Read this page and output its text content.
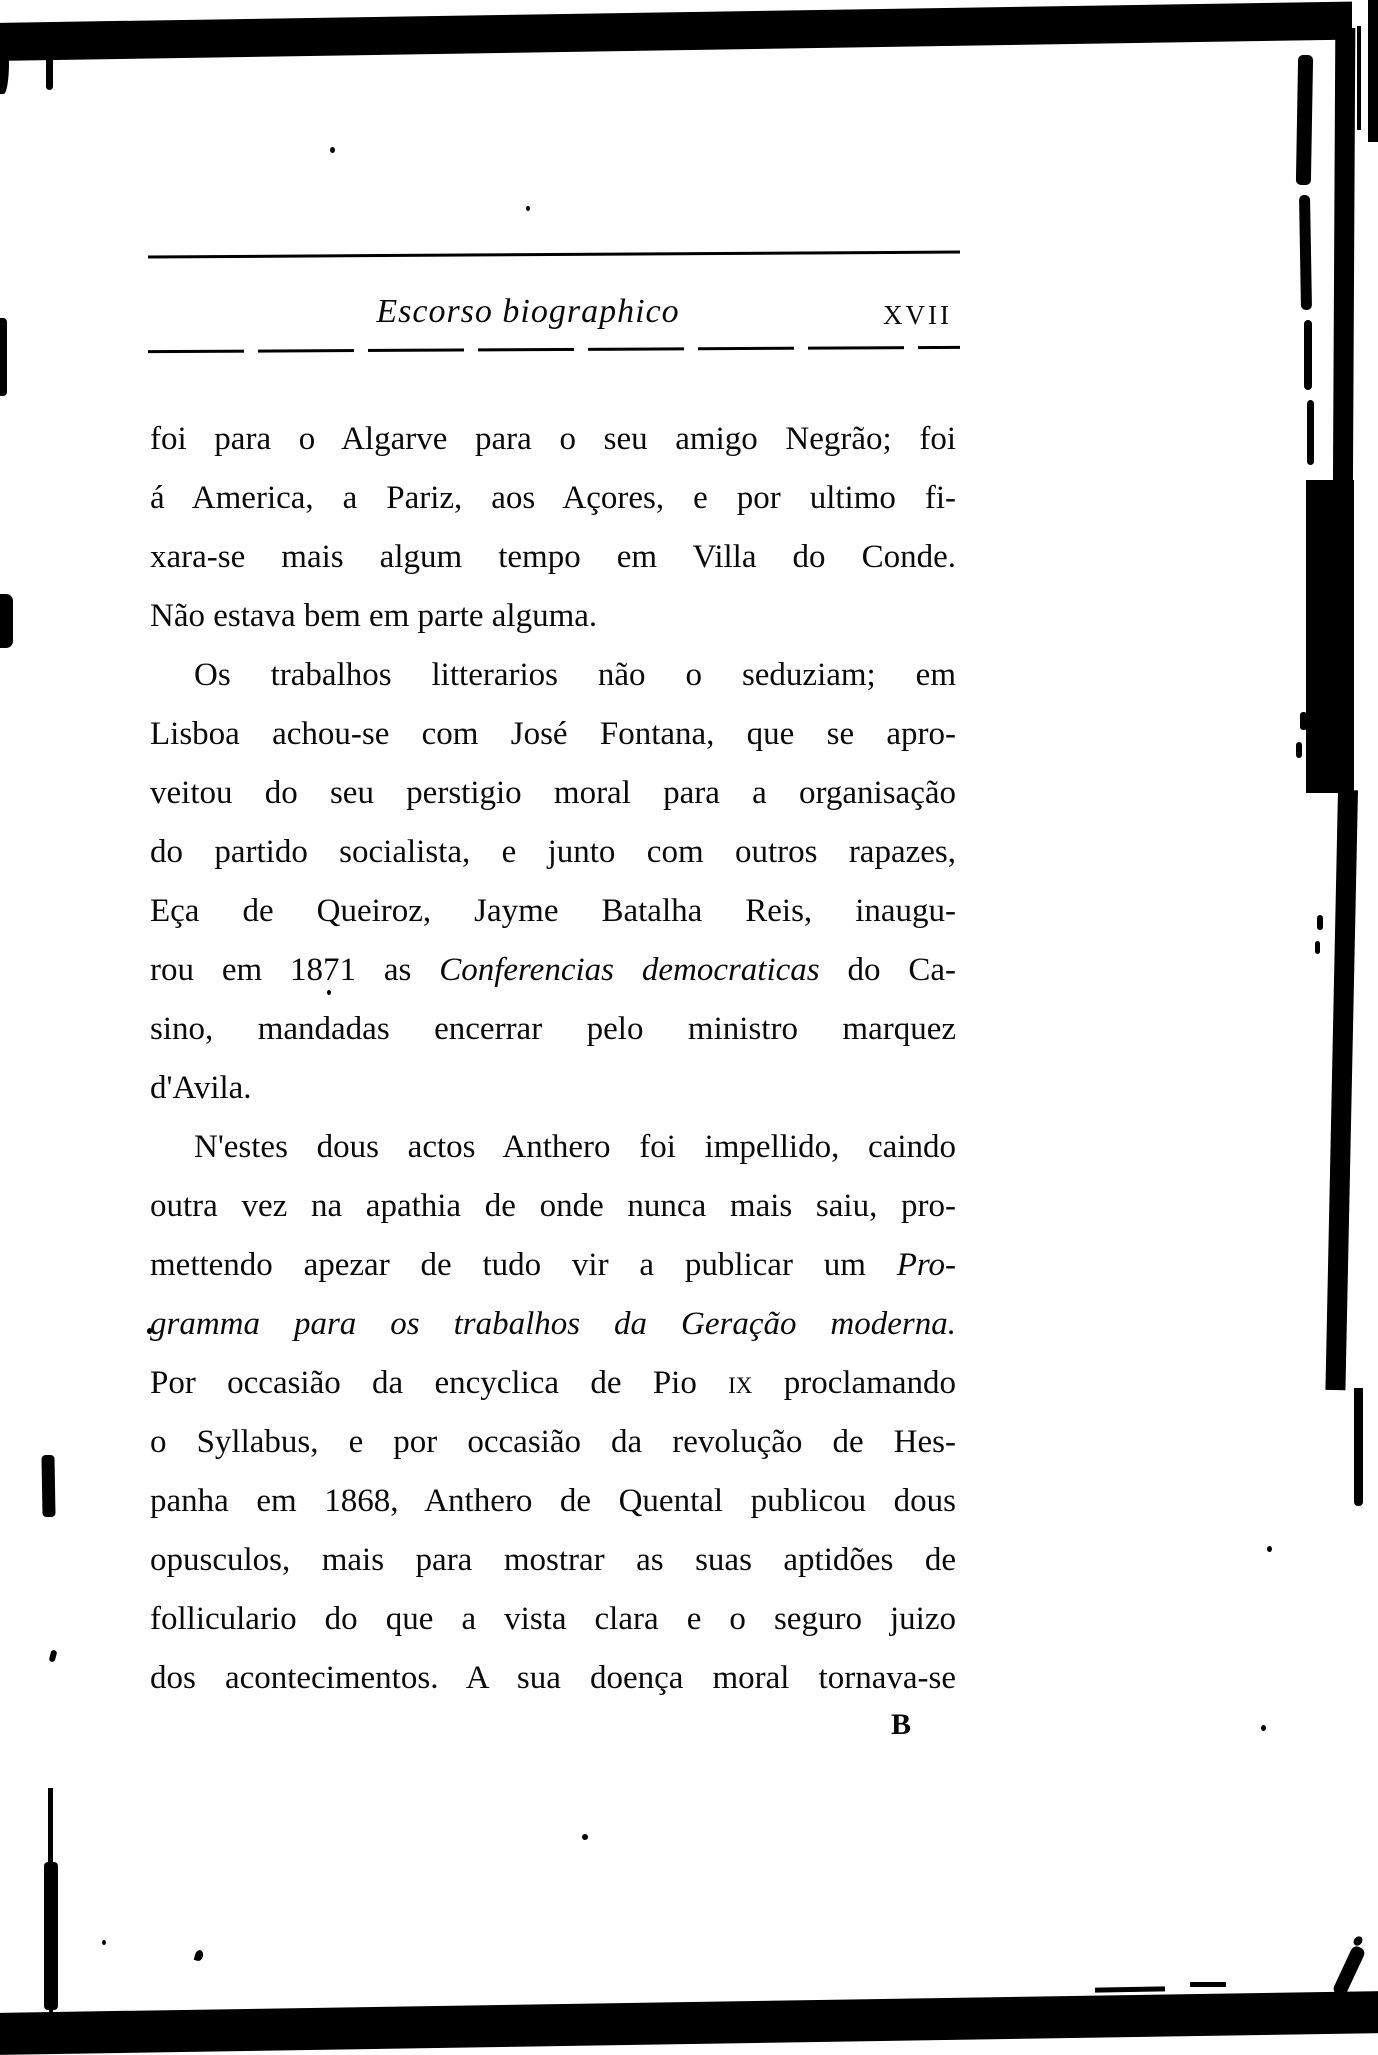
Escorso biographico	XVII
foi para o Algarve para o seu amigo Negrão; foi
á America, a Pariz, aos Açores, e por ultimo fi-
xara-se mais algum tempo em Villa do Conde.
Não estava bem em parte alguma.
Os trabalhos litterarios não o seduziam; em
Lisboa achou-se com José Fontana, que se apro-
veitou do seu perstigio moral para a organisação
do partido socialista, e junto com outros rapazes,
Eça de Queiroz, Jayme Batalha Reis, inaugu-
rou em 1871 as Conferencias democraticas do Ca-
sino, mandadas encerrar pelo ministro marquez
d'Avila.
N'estes dous actos Anthero foi impellido, caindo
outra vez na apathia de onde nunca mais saiu, pro-
mettendo apezar de tudo vir a publicar um Pro-
gramma para os trabalhos da Geração moderna.
Por occasião da encyclica de Pio ix proclamando
o Syllabus, e por occasião da revolução de Hes-
panha em 1868, Anthero de Quental publicou dous
opusculos, mais para mostrar as suas aptidões de
folliculario do que a vista clara e o seguro juizo
dos acontecimentos. A sua doença moral tornava-se
B
